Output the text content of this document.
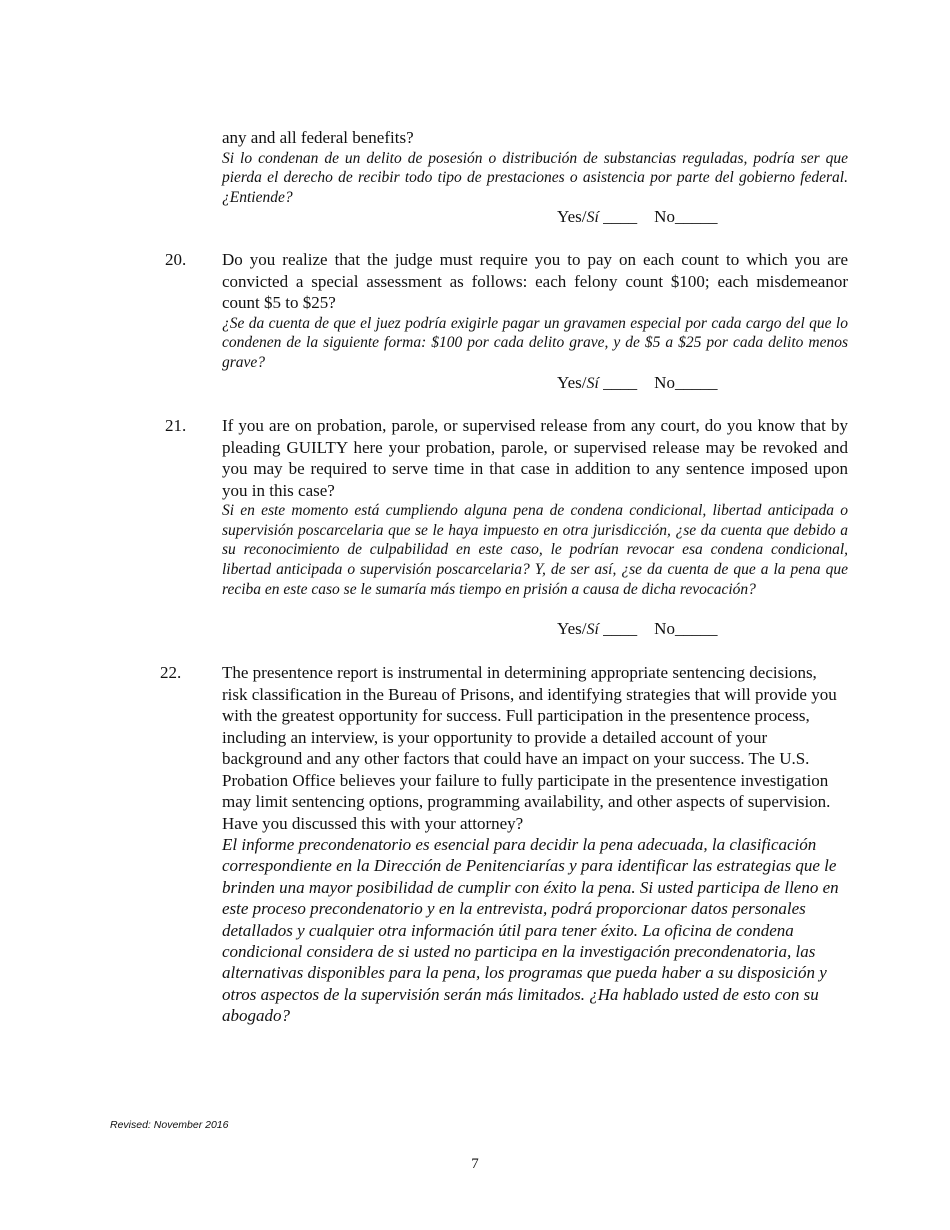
any and all federal benefits?

Si lo condenan de un delito de posesión o distribución de substancias reguladas, podría ser que pierda el derecho de recibir todo tipo de prestaciones o asistencia por parte del gobierno federal. ¿Entiende?

Yes/Sí ____    No_____
20. Do you realize that the judge must require you to pay on each count to which you are convicted a special assessment as follows: each felony count $100; each misdemeanor count $5 to $25?

¿Se da cuenta de que el juez podría exigirle pagar un gravamen especial por cada cargo del que lo condenen de la siguiente forma: $100 por cada delito grave, y de $5 a $25 por cada delito menos grave?

Yes/Sí ____    No_____
21. If you are on probation, parole, or supervised release from any court, do you know that by pleading GUILTY here your probation, parole, or supervised release may be revoked and you may be required to serve time in that case in addition to any sentence imposed upon you in this case?

Si en este momento está cumpliendo alguna pena de condena condicional, libertad anticipada o supervisión poscarcelaria que se le haya impuesto en otra jurisdicción, ¿se da cuenta que debido a su reconocimiento de culpabilidad en este caso, le podrían revocar esa condena condicional, libertad anticipada o supervisión poscarcelaria? Y, de ser así, ¿se da cuenta de que a la pena que reciba en este caso se le sumaría más tiempo en prisión a causa de dicha revocación?

Yes/Sí ____    No_____
22. The presentence report is instrumental in determining appropriate sentencing decisions, risk classification in the Bureau of Prisons, and identifying strategies that will provide you with the greatest opportunity for success. Full participation in the presentence process, including an interview, is your opportunity to provide a detailed account of your background and any other factors that could have an impact on your success. The U.S. Probation Office believes your failure to fully participate in the presentence investigation may limit sentencing options, programming availability, and other aspects of supervision. Have you discussed this with your attorney?

El informe precondenatorio es esencial para decidir la pena adecuada, la clasificación correspondiente en la Dirección de Penitenciarías y para identificar las estrategias que le brinden una mayor posibilidad de cumplir con éxito la pena. Si usted participa de lleno en este proceso precondenatorio y en la entrevista, podrá proporcionar datos personales detallados y cualquier otra información útil para tener éxito. La oficina de condena condicional considera de si usted no participa en la investigación precondenatoria, las alternativas disponibles para la pena, los programas que pueda haber a su disposición y otros aspectos de la supervisión serán más limitados. ¿Ha hablado usted de esto con su abogado?

Revised: November 2016
7
